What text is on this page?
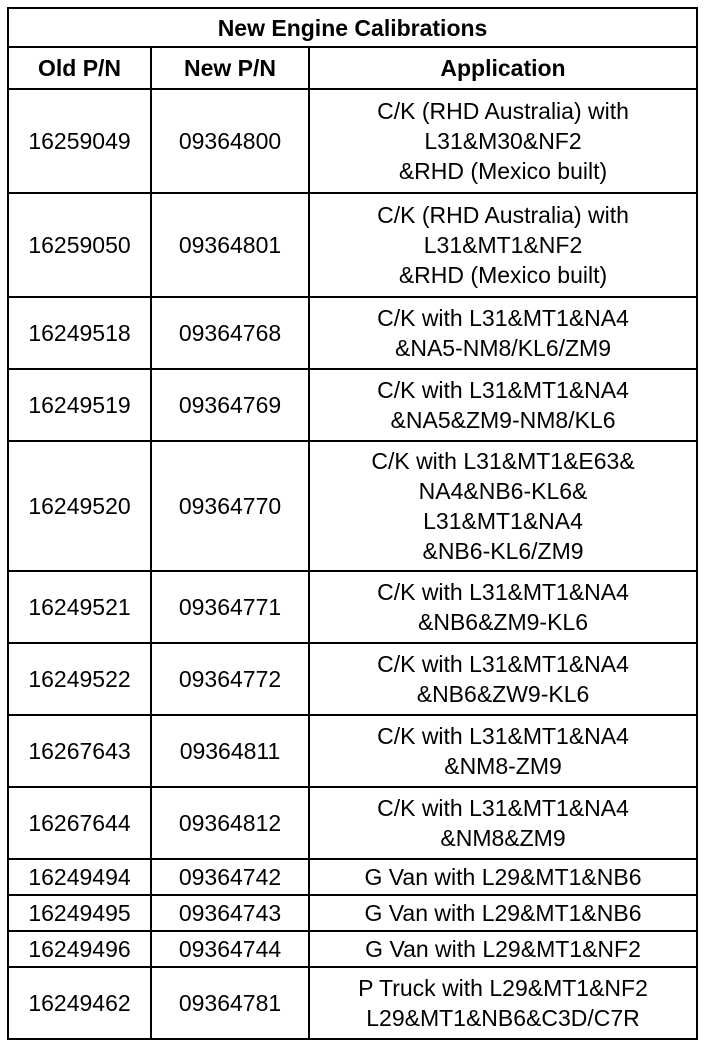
New Engine Calibrations		
Old P/N	New P/N	Application
16259049	09364800	C/K (RHD Australia) with
L31&M30&NF2
&RHD (Mexico built)
16259050	09364801	C/K (RHD Australia) with
L31&MT1&NF2
&RHD (Mexico built)
16249518	09364768	C/K with L31&MT1&NA4
&NA5-NM8/KL6/ZM9
16249519	09364769	C/K with L31&MT1&NA4
&NA5&ZM9-NM8/KL6
16249520	09364770	C/K with L31&MT1&E63&
NA4&NB6-KL6&
L31&MT1&NA4
&NB6-KL6/ZM9
16249521	09364771	C/K with L31&MT1&NA4
&NB6&ZM9-KL6
16249522	09364772	C/K with L31&MT1&NA4
&NB6&ZW9-KL6
16267643	09364811	C/K with L31&MT1&NA4
&NM8-ZM9
16267644	09364812	C/K with L31&MT1&NA4
&NM8&ZM9
16249494	09364742	G Van with L29&MT1&NB6
16249495	09364743	G Van with L29&MT1&NB6
16249496	09364744	G Van with L29&MT1&NF2
16249462	09364781	P Truck with L29&MT1&NF2
L29&MT1&NB6&C3D/C7R
